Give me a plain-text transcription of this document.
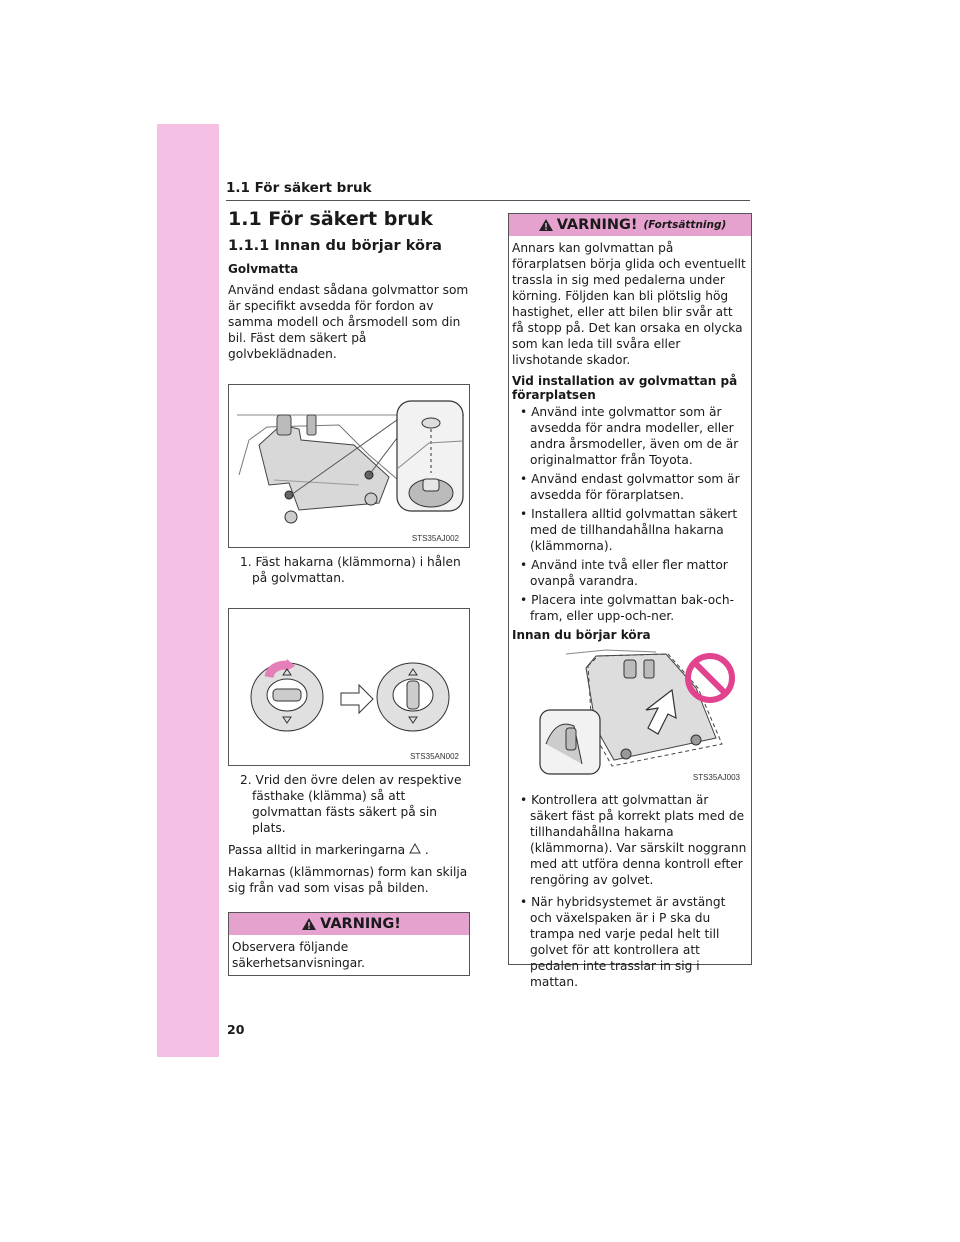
1.1 För säkert bruk
1.1 För säkert bruk
1.1.1 Innan du börjar köra
Golvmatta

Använd endast sådana golvmattor som är specifikt avsedda för fordon av samma modell och årsmodell som din bil. Fäst dem säkert på golvbeklädnaden.

STS35AJ002
1. Fäst hakarna (klämmorna) i hålen på golvmattan.
STS35AN002
2. Vrid den övre delen av respektive fästhake (klämma) så att golvmattan fästs säkert på sin plats.

Passa alltid in markeringarna .

Hakarnas (klämmornas) form kan skilja sig från vad som visas på bilden.

VARNING!

Observera följande säkerhetsanvisningar.

VARNING! (Fortsättning)

Annars kan golvmattan på förarplatsen börja glida och eventuellt trassla in sig med pedalerna under körning. Följden kan bli plötslig hög hastighet, eller att bilen blir svår att få stopp på. Det kan orsaka en olycka som kan leda till svåra eller livshotande skador.

Vid installation av golvmattan på förarplatsen
• Använd inte golvmattor som är avsedda för andra modeller, eller andra årsmodeller, även om de är originalmattor från Toyota.
• Använd endast golvmattor som är avsedda för förarplatsen.
• Installera alltid golvmattan säkert med de tillhandahållna hakarna (klämmorna).
• Använd inte två eller fler mattor ovanpå varandra.
• Placera inte golvmattan bak-och-fram, eller upp-och-ner.
Innan du börjar köra
STS35AJ003
• Kontrollera att golvmattan är säkert fäst på korrekt plats med de tillhandahållna hakarna (klämmorna). Var särskilt noggrann med att utföra denna kontroll efter rengöring av golvet.
• När hybridsystemet är avstängt och växelspaken är i P ska du trampa ned varje pedal helt till golvet för att kontrollera att pedalen inte trasslar in sig i mattan.
20
